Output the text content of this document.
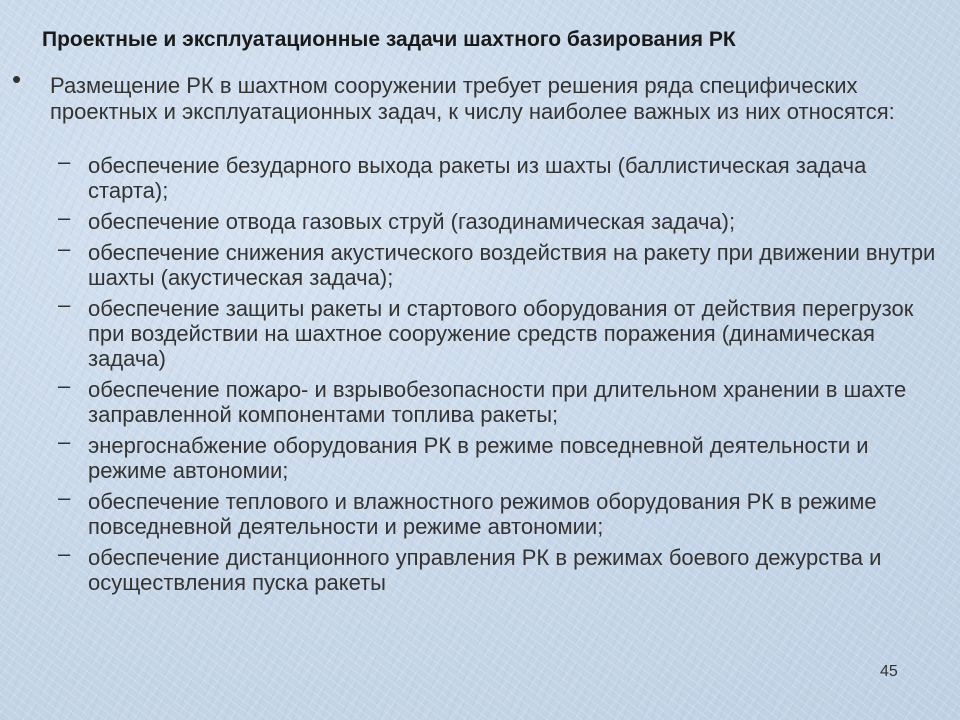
Проектные и эксплуатационные задачи шахтного базирования РК
• Размещение РК в шахтном сооружении требует решения ряда специфических проектных и эксплуатационных задач, к числу наиболее важных из них относятся:

– обеспечение безударного выхода ракеты из шахты (баллистическая задача старта);
– обеспечение отвода газовых струй (газодинамическая задача);
– обеспечение снижения акустического воздействия на ракету при движении внутри шахты (акустическая задача);
– обеспечение защиты ракеты и стартового оборудования от действия перегрузок при воздействии на шахтное сооружение средств поражения (динамическая задача)
– обеспечение пожаро- и взрывобезопасности при длительном хранении в шахте заправленной компонентами топлива ракеты;
– энергоснабжение оборудования РК в режиме повседневной деятельности и режиме автономии;
– обеспечение теплового и влажностного режимов оборудования РК в режиме повседневной деятельности и режиме автономии;
– обеспечение дистанционного управления РК в режимах боевого дежурства и осуществления пуска ракеты
45
